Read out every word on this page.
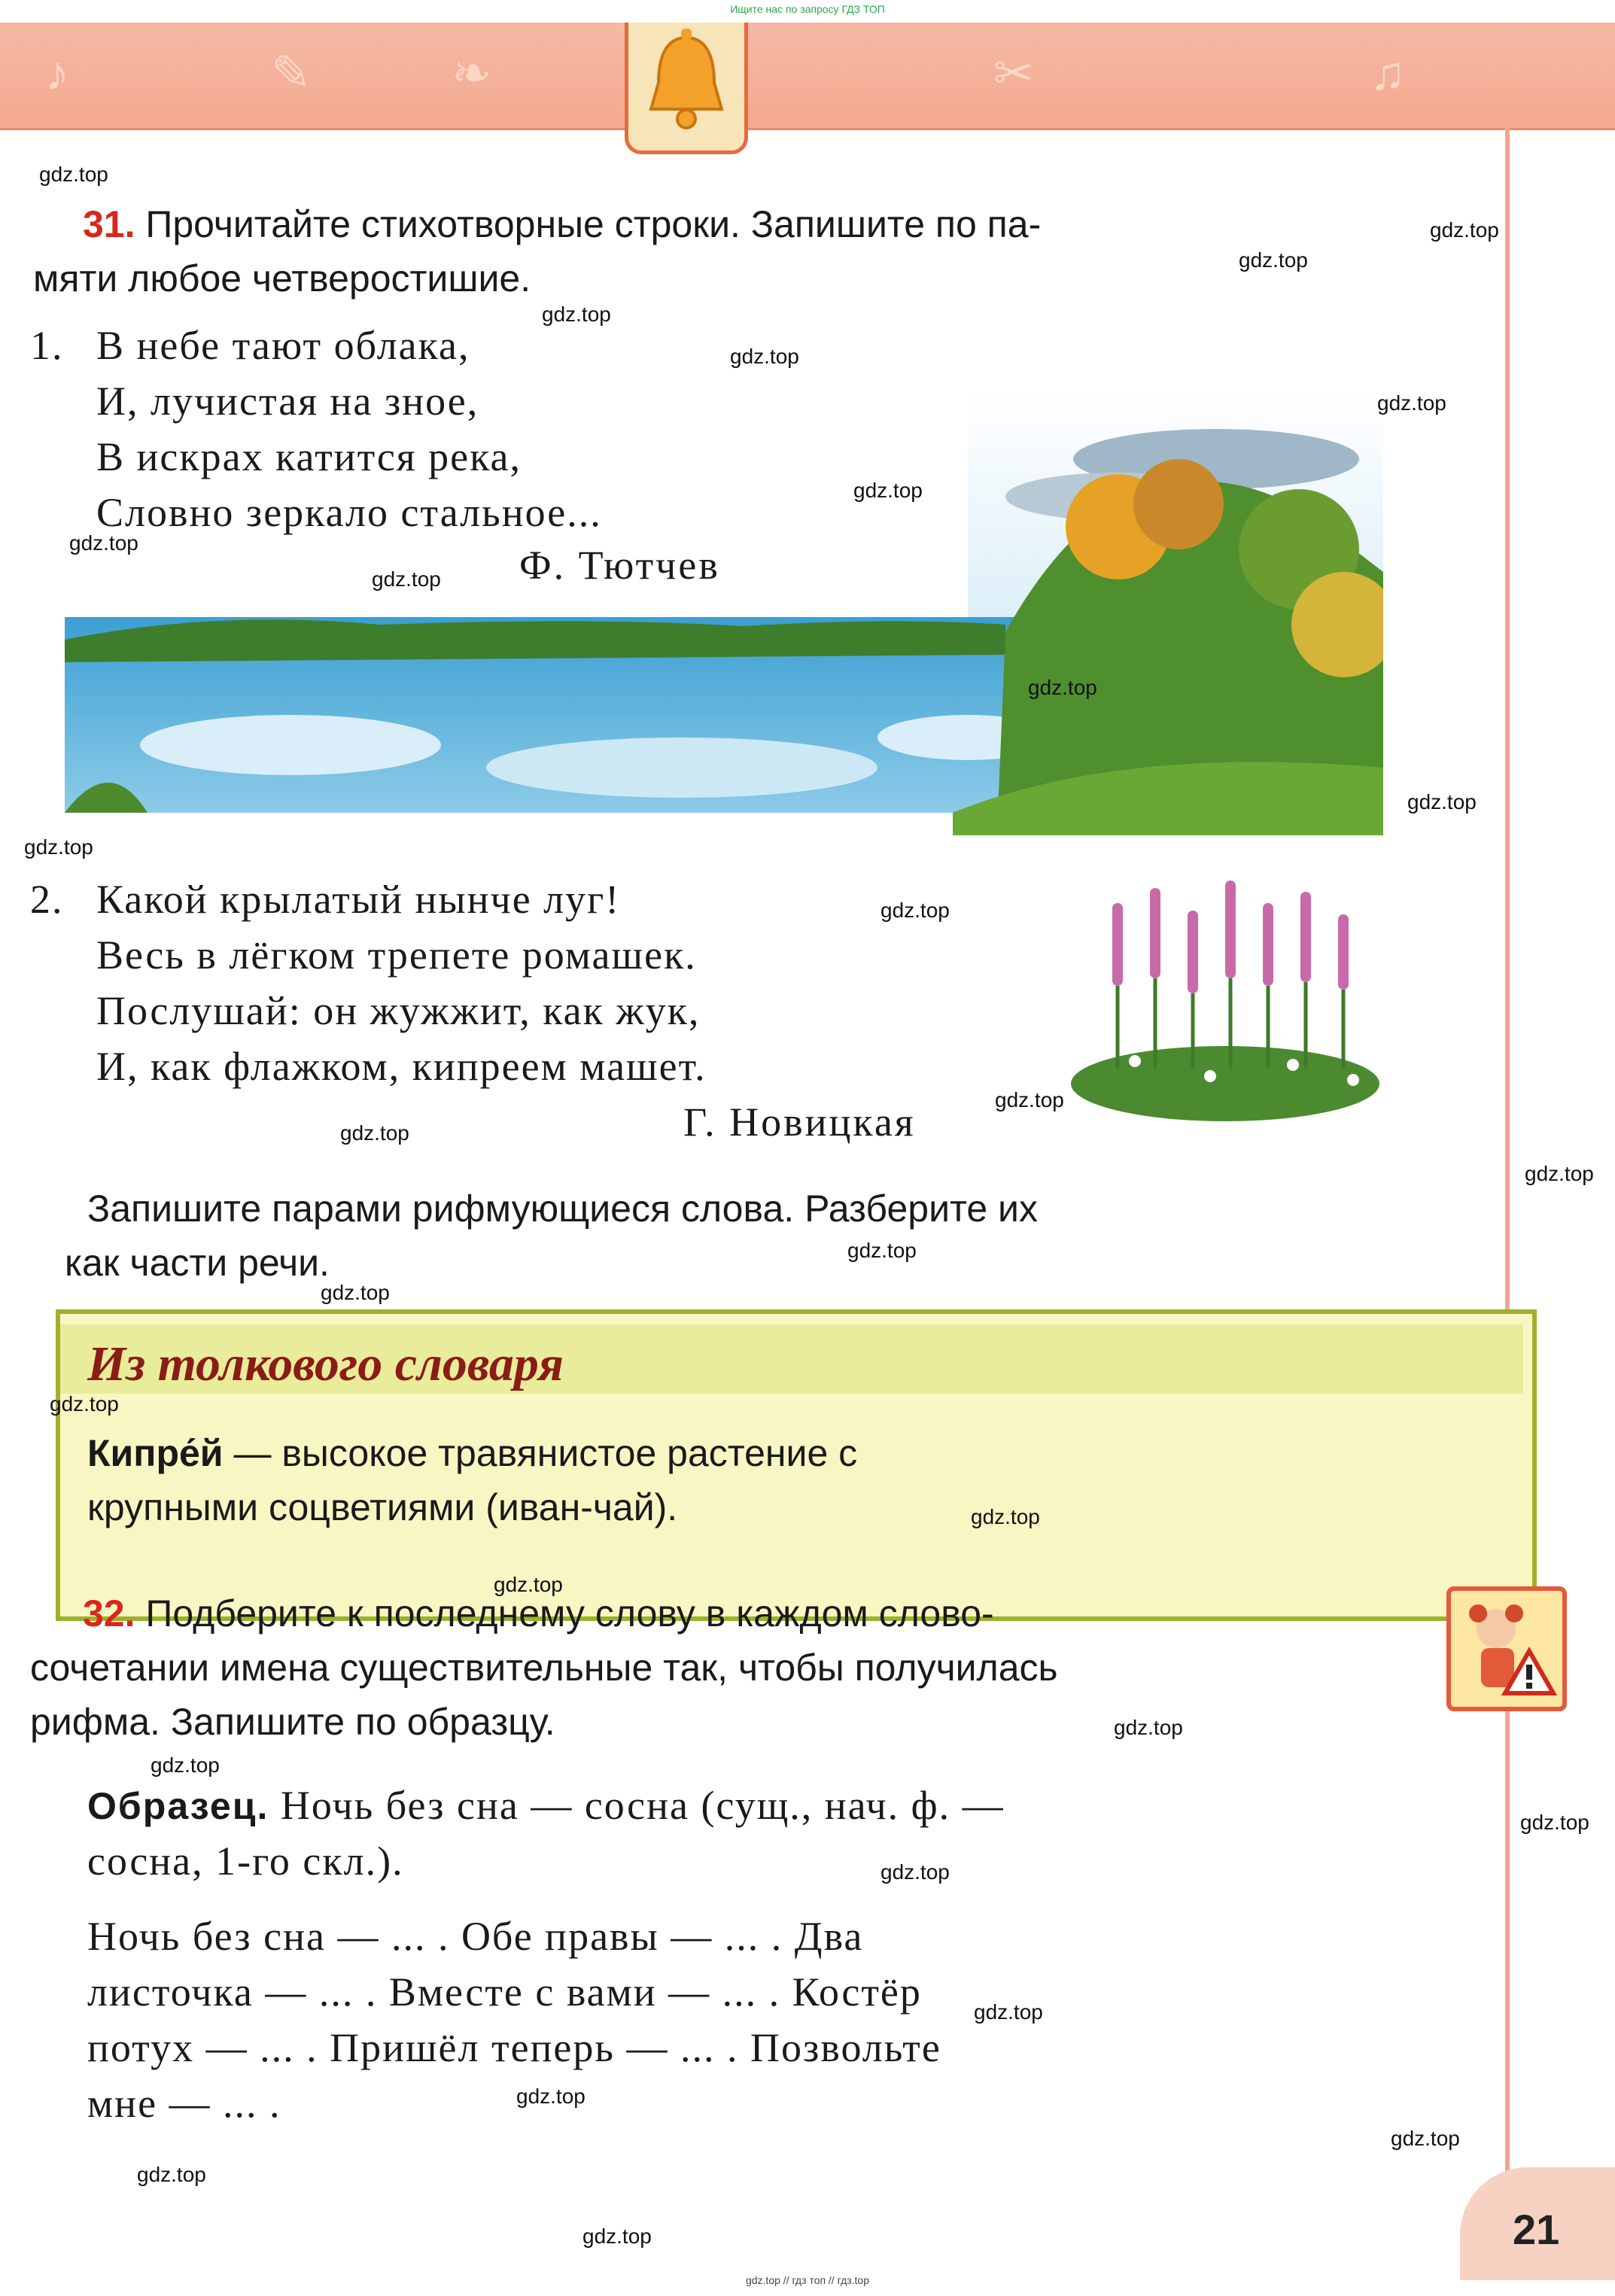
Ищите нас по запросу ГДЗ ТОП
♪	✎	❧	✂	♫
31. Прочитайте стихотворные строки. Запишите по па-
мяти любое четверостишие.
1. В небе тают облака,
И, лучистая на зное,
В искрах катится река,
Словно зеркало стальное...
Ф. Тютчев
2. Какой крылатый нынче луг!
Весь в лёгком трепете ромашек.
Послушай: он жужжит, как жук,
И, как флажком, кипреем машет.
Г. Новицкая
Запишите парами рифмующиеся слова. Разберите их
как части речи.
Из толкового словаря
Кипре́й — высокое травянистое растение с
крупными соцветиями (иван-чай).
32. Подберите к последнему слову в каждом слово-
сочетании имена существительные так, чтобы получилась
рифма. Запишите по образцу.
Образец. Ночь без сна — сосна (сущ., нач. ф. —
сосна, 1-го скл.).
Ночь без сна — ... . Обе правы — ... . Два
листочка — ... . Вместе с вами — ... . Костёр
потух — ... . Пришёл теперь — ... . Позвольте
мне — ... .
21
gdz.top
gdz.top
gdz.top
gdz.top
gdz.top
gdz.top
gdz.top
gdz.top
gdz.top
gdz.top
gdz.top
gdz.top
gdz.top
gdz.top
gdz.top
gdz.top
gdz.top
gdz.top
gdz.top
gdz.top
gdz.top
gdz.top
gdz.top
gdz.top
gdz.top
gdz.top
gdz.top
gdz.top
gdz.top
gdz.top
gdz.top // гдз топ // гдз.top
